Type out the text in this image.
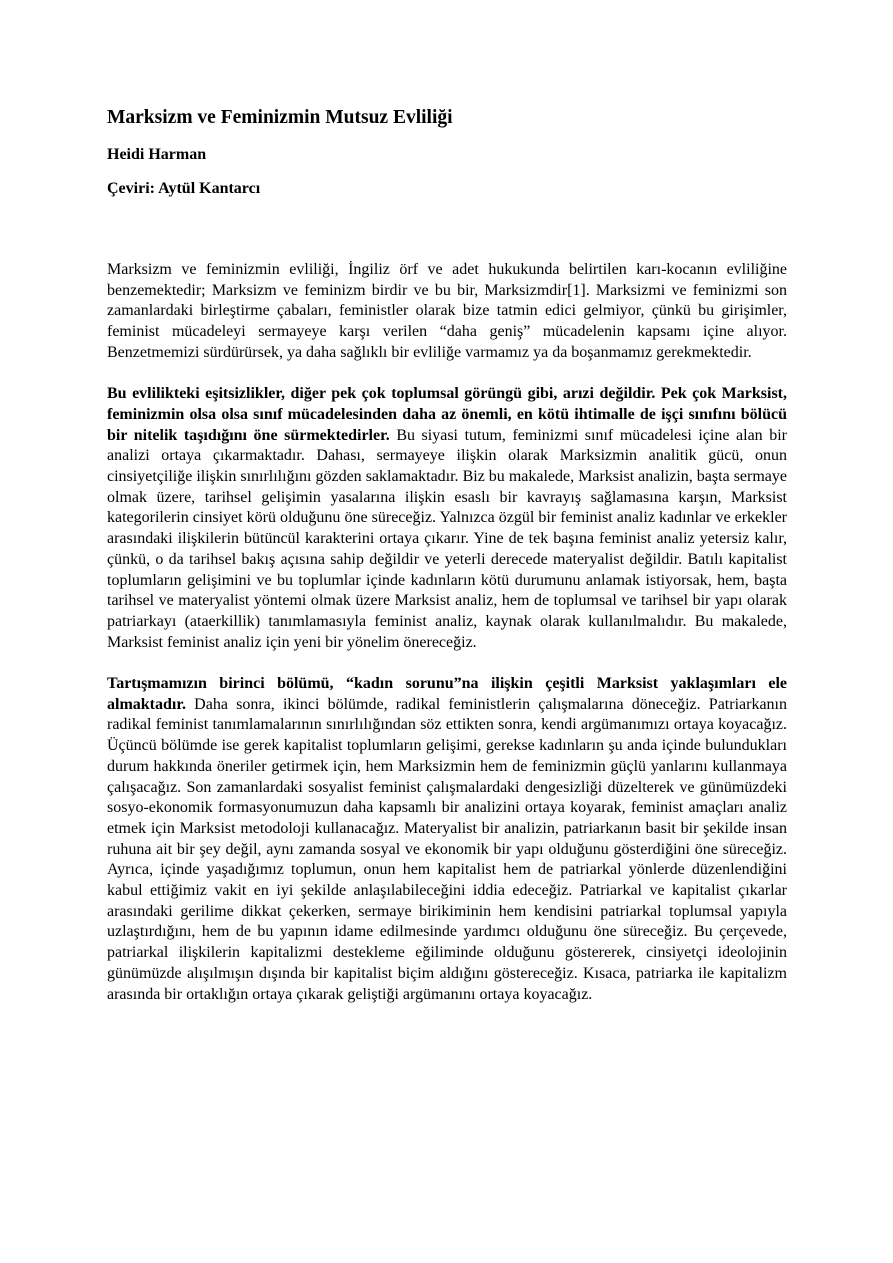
Marksizm ve Feminizmin Mutsuz Evliliği
Heidi Harman
Çeviri: Aytül Kantarcı

Marksizm ve feminizmin evliliği, İngiliz örf ve adet hukukunda belirtilen karı-kocanın evliliğine benzemektedir; Marksizm ve feminizm birdir ve bu bir, Marksizmdir[1]. Marksizmi ve feminizmi son zamanlardaki birleştirme çabaları, feministler olarak bize tatmin edici gelmiyor, çünkü bu girişimler, feminist mücadeleyi sermayeye karşı verilen “daha geniş” mücadelenin kapsamı içine alıyor. Benzetmemizi sürdürürsek, ya daha sağlıklı bir evliliğe varmamız ya da boşanmamız gerekmektedir.

Bu evlilikteki eşitsizlikler, diğer pek çok toplumsal görüngü gibi, arızi değildir. Pek çok Marksist, feminizmin olsa olsa sınıf mücadelesinden daha az önemli, en kötü ihtimalle de işçi sınıfını bölücü bir nitelik taşıdığını öne sürmektedirler. Bu siyasi tutum, feminizmi sınıf mücadelesi içine alan bir analizi ortaya çıkarmaktadır. Dahası, sermayeye ilişkin olarak Marksizmin analitik gücü, onun cinsiyetçiliğe ilişkin sınırlılığını gözden saklamaktadır. Biz bu makalede, Marksist analizin, başta sermaye olmak üzere, tarihsel gelişimin yasalarına ilişkin esaslı bir kavrayış sağlamasına karşın, Marksist kategorilerin cinsiyet körü olduğunu öne süreceğiz. Yalnızca özgül bir feminist analiz kadınlar ve erkekler arasındaki ilişkilerin bütüncül karakterini ortaya çıkarır. Yine de tek başına feminist analiz yetersiz kalır, çünkü, o da tarihsel bakış açısına sahip değildir ve yeterli derecede materyalist değildir. Batılı kapitalist toplumların gelişimini ve bu toplumlar içinde kadınların kötü durumunu anlamak istiyorsak, hem, başta tarihsel ve materyalist yöntemi olmak üzere Marksist analiz, hem de toplumsal ve tarihsel bir yapı olarak patriarkayı (ataerkillik) tanımlamasıyla feminist analiz, kaynak olarak kullanılmalıdır. Bu makalede, Marksist feminist analiz için yeni bir yönelim önereceğiz.

Tartışmamızın birinci bölümü, “kadın sorunu”na ilişkin çeşitli Marksist yaklaşımları ele almaktadır. Daha sonra, ikinci bölümde, radikal feministlerin çalışmalarına döneceğiz. Patriarkanın radikal feminist tanımlamalarının sınırlılığından söz ettikten sonra, kendi argümanımızı ortaya koyacağız. Üçüncü bölümde ise gerek kapitalist toplumların gelişimi, gerekse kadınların şu anda içinde bulundukları durum hakkında öneriler getirmek için, hem Marksizmin hem de feminizmin güçlü yanlarını kullanmaya çalışacağız. Son zamanlardaki sosyalist feminist çalışmalardaki dengesizliği düzelterek ve günümüzdeki sosyo-ekonomik formasyonumuzun daha kapsamlı bir analizini ortaya koyarak, feminist amaçları analiz etmek için Marksist metodoloji kullanacağız. Materyalist bir analizin, patriarkanın basit bir şekilde insan ruhuna ait bir şey değil, aynı zamanda sosyal ve ekonomik bir yapı olduğunu gösterdiğini öne süreceğiz. Ayrıca, içinde yaşadığımız toplumun, onun hem kapitalist hem de patriarkal yönlerde düzenlendiğini kabul ettiğimiz vakit en iyi şekilde anlaşılabileceğini iddia edeceğiz. Patriarkal ve kapitalist çıkarlar arasındaki gerilime dikkat çekerken, sermaye birikiminin hem kendisini patriarkal toplumsal yapıyla uzlaştırdığını, hem de bu yapının idame edilmesinde yardımcı olduğunu öne süreceğiz. Bu çerçevede, patriarkal ilişkilerin kapitalizmi destekleme eğiliminde olduğunu göstererek, cinsiyetçi ideolojinin günümüzde alışılmışın dışında bir kapitalist biçim aldığını göstereceğiz. Kısaca, patriarka ile kapitalizm arasında bir ortaklığın ortaya çıkarak geliştiği argümanını ortaya koyacağız.
